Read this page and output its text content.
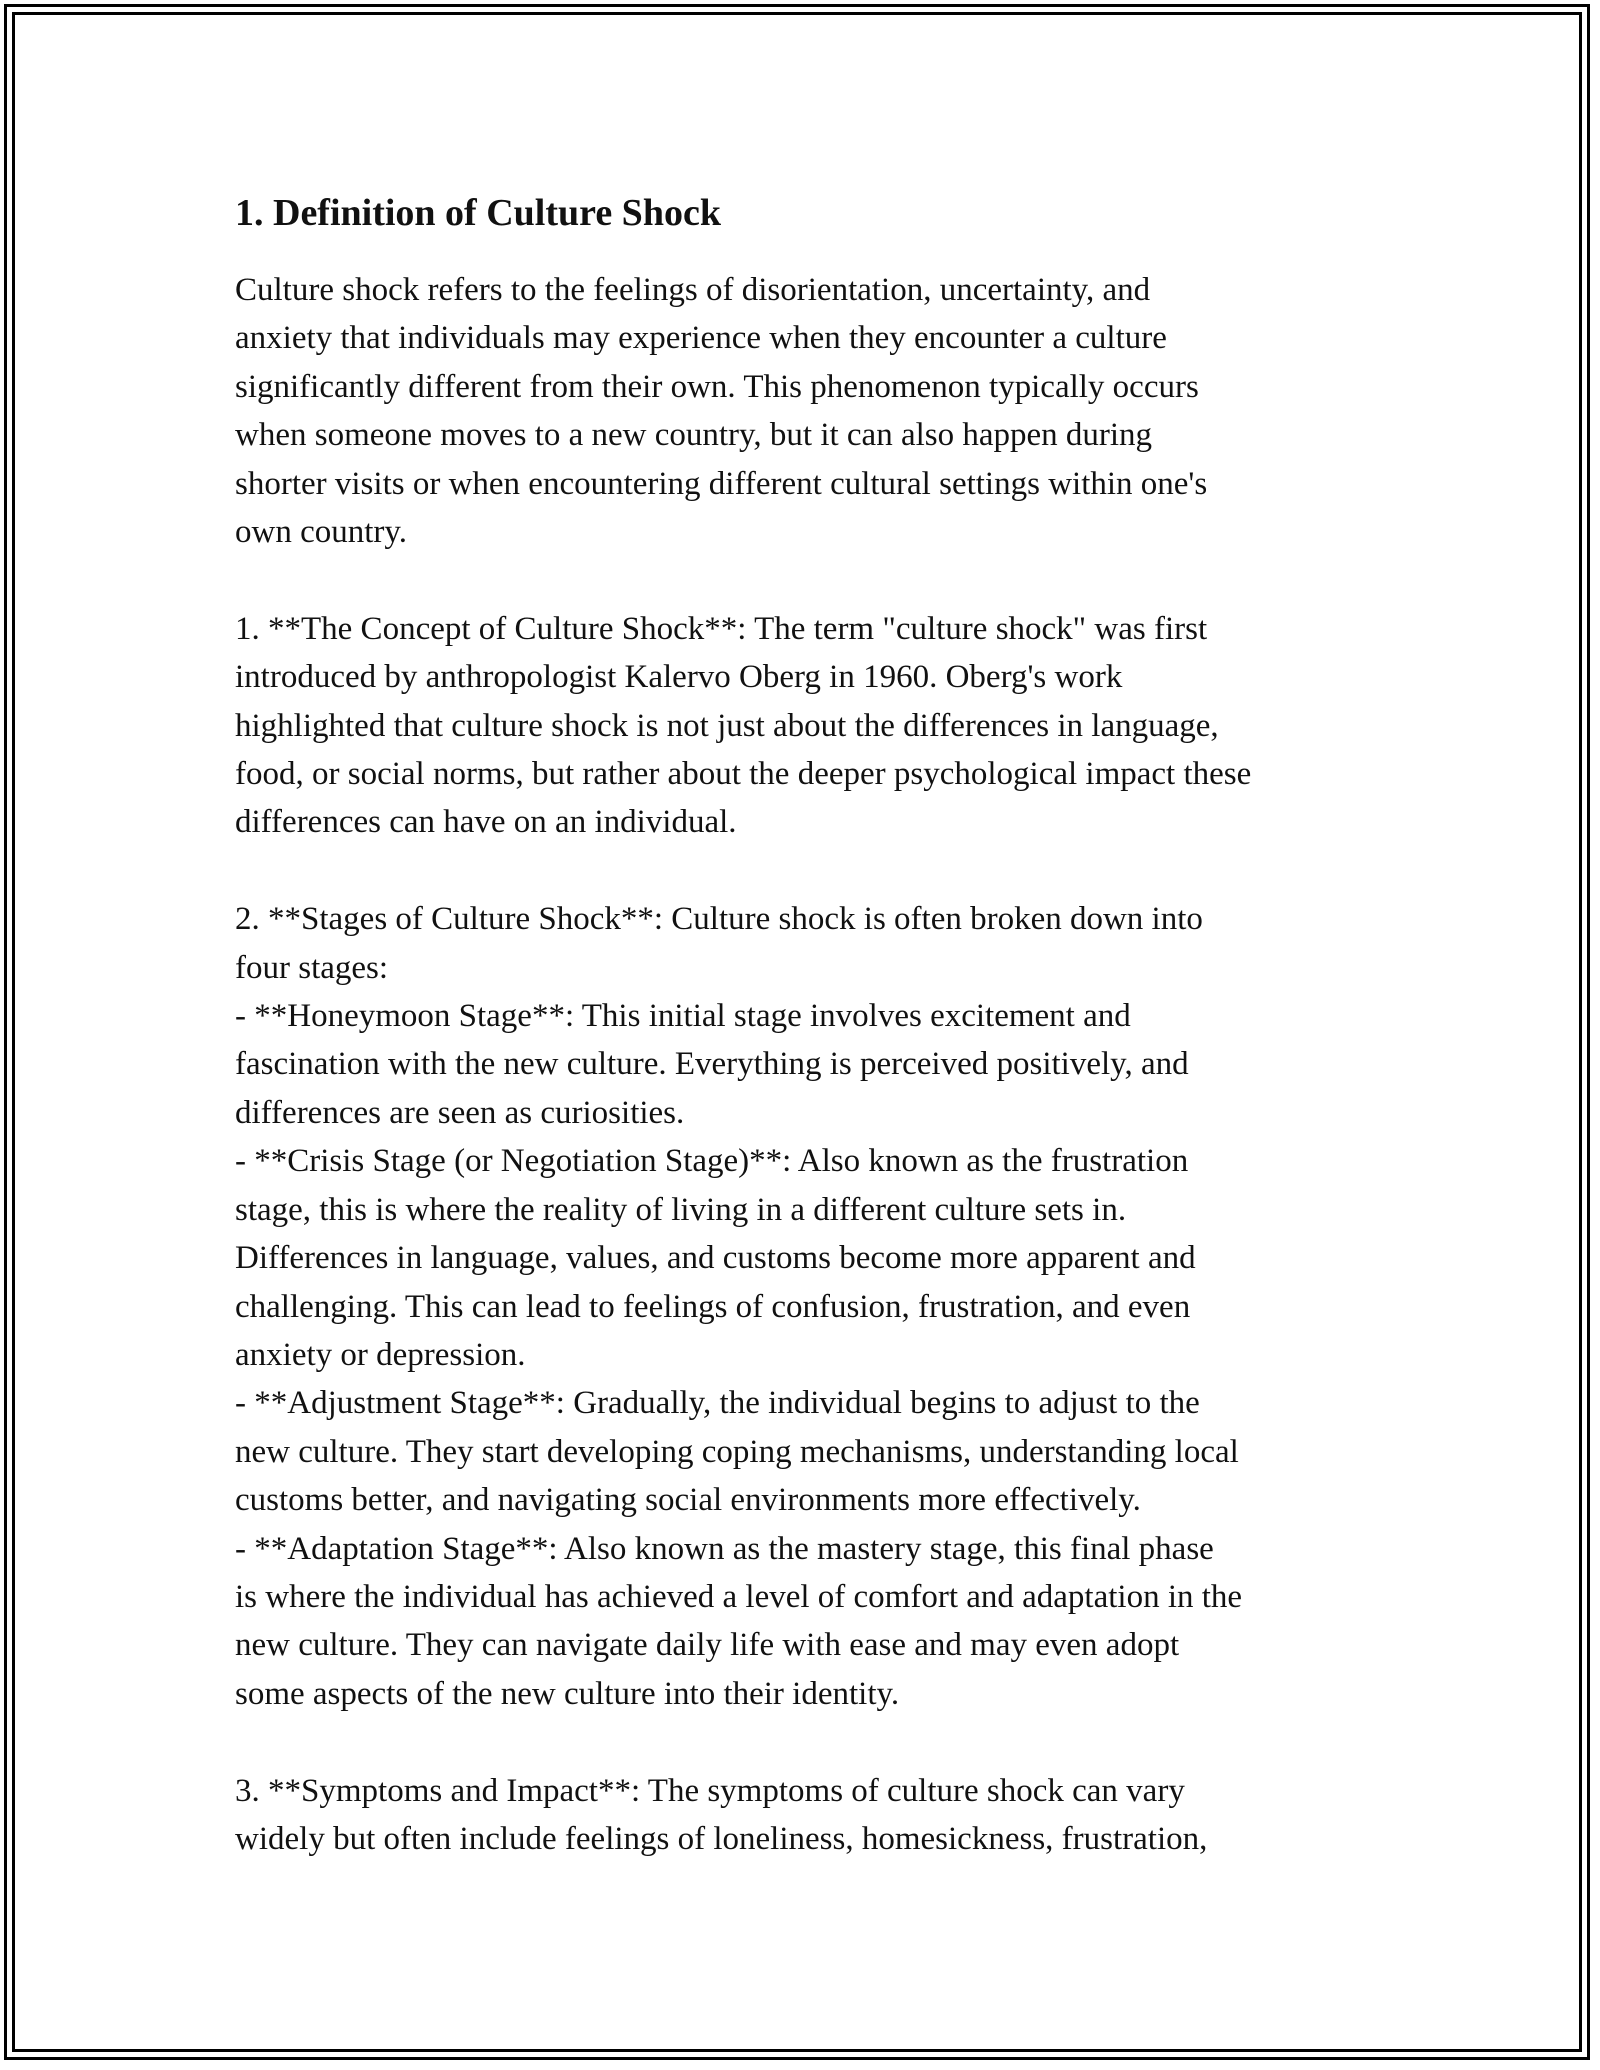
1. Definition of Culture Shock

Culture shock refers to the feelings of disorientation, uncertainty, and
anxiety that individuals may experience when they encounter a culture
significantly different from their own. This phenomenon typically occurs
when someone moves to a new country, but it can also happen during
shorter visits or when encountering different cultural settings within one's
own country.

1. **The Concept of Culture Shock**: The term "culture shock" was first
introduced by anthropologist Kalervo Oberg in 1960. Oberg's work
highlighted that culture shock is not just about the differences in language,
food, or social norms, but rather about the deeper psychological impact these
differences can have on an individual.

2. **Stages of Culture Shock**: Culture shock is often broken down into
four stages:
- **Honeymoon Stage**: This initial stage involves excitement and
fascination with the new culture. Everything is perceived positively, and
differences are seen as curiosities.
- **Crisis Stage (or Negotiation Stage)**: Also known as the frustration
stage, this is where the reality of living in a different culture sets in.
Differences in language, values, and customs become more apparent and
challenging. This can lead to feelings of confusion, frustration, and even
anxiety or depression.
- **Adjustment Stage**: Gradually, the individual begins to adjust to the
new culture. They start developing coping mechanisms, understanding local
customs better, and navigating social environments more effectively.
- **Adaptation Stage**: Also known as the mastery stage, this final phase
is where the individual has achieved a level of comfort and adaptation in the
new culture. They can navigate daily life with ease and may even adopt
some aspects of the new culture into their identity.

3. **Symptoms and Impact**: The symptoms of culture shock can vary
widely but often include feelings of loneliness, homesickness, frustration,
